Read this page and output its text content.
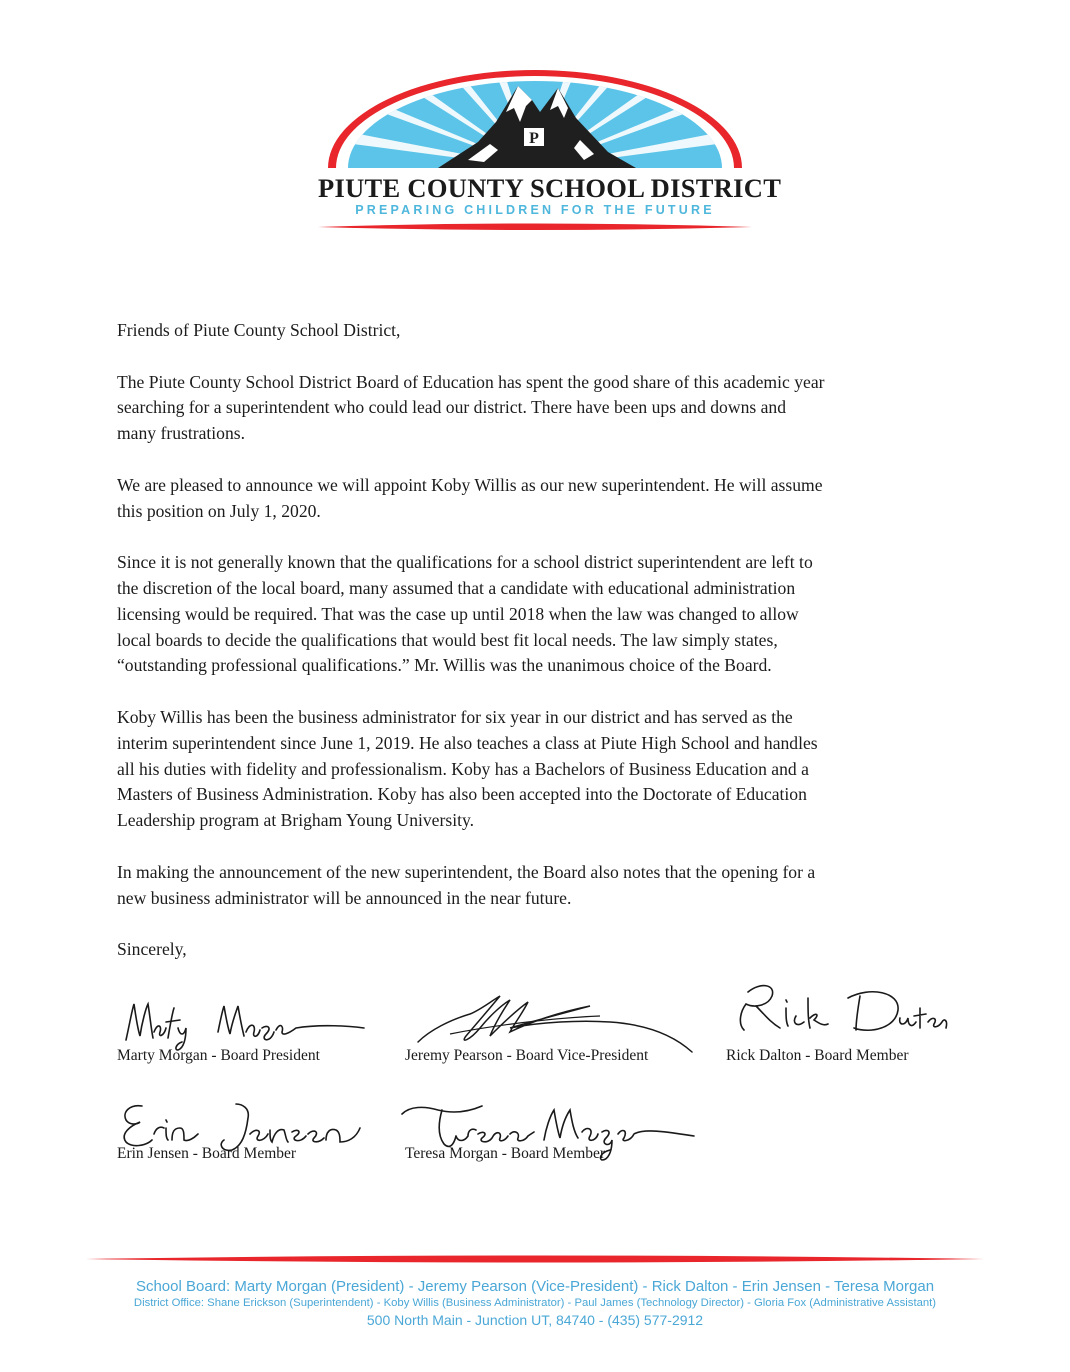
P
PIUTE COUNTY SCHOOL DISTRICT
PREPARING CHILDREN FOR THE FUTURE

Friends of Piute County School District,

The Piute County School District Board of Education has spent the good share of this academic year
searching for a superintendent who could lead our district. There have been ups and downs and
many frustrations.

We are pleased to announce we will appoint Koby Willis as our new superintendent. He will assume
this position on July 1, 2020.

Since it is not generally known that the qualifications for a school district superintendent are left to
the discretion of the local board, many assumed that a candidate with educational administration
licensing would be required. That was the case up until 2018 when the law was changed to allow
local boards to decide the qualifications that would best fit local needs. The law simply states,
“outstanding professional qualifications.” Mr. Willis was the unanimous choice of the Board.

Koby Willis has been the business administrator for six year in our district and has served as the
interim superintendent since June 1, 2019. He also teaches a class at Piute High School and handles
all his duties with fidelity and professionalism. Koby has a Bachelors of Business Education and a
Masters of Business Administration. Koby has also been accepted into the Doctorate of Education
Leadership program at Brigham Young University.

In making the announcement of the new superintendent, the Board also notes that the opening for a
new business administrator will be announced in the near future.

Sincerely,

Marty Morgan - Board President	Jeremy Pearson - Board Vice-President	Rick Dalton - Board Member
Erin Jensen - Board Member	Teresa Morgan - Board Member
School Board: Marty Morgan (President) - Jeremy Pearson (Vice-President) - Rick Dalton - Erin Jensen - Teresa Morgan
District Office: Shane Erickson (Superintendent) - Koby Willis (Business Administrator) - Paul James (Technology Director) - Gloria Fox (Administrative Assistant)
500 North Main - Junction UT, 84740 - (435) 577-2912
